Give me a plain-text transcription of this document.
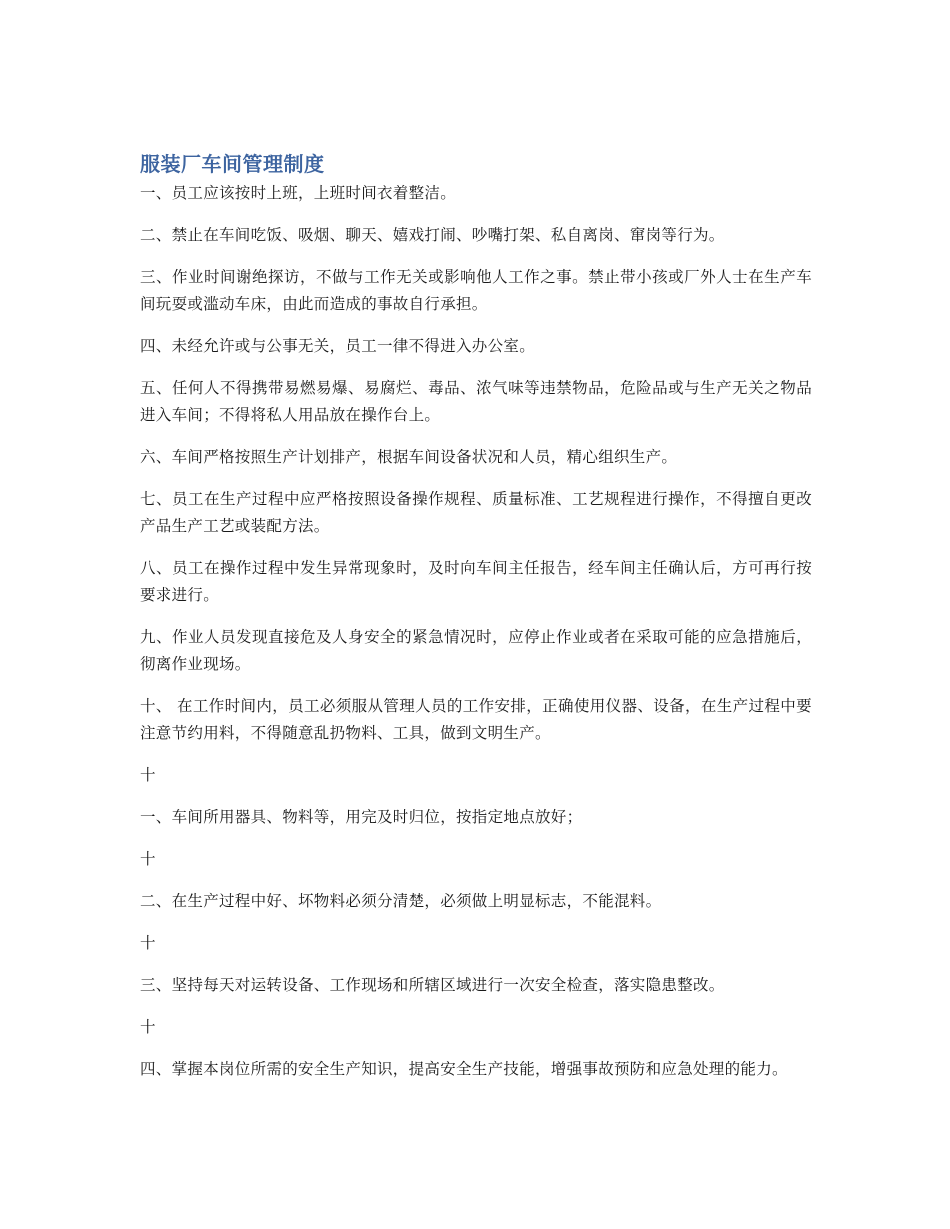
服装厂车间管理制度

一、员工应该按时上班，上班时间衣着整洁。

二、禁止在车间吃饭、吸烟、聊天、嬉戏打闹、吵嘴打架、私自离岗、窜岗等行为。

三、作业时间谢绝探访，不做与工作无关或影响他人工作之事。禁止带小孩或厂外人士在生产车间玩耍或滥动车床，由此而造成的事故自行承担。

四、未经允许或与公事无关，员工一律不得进入办公室。

五、任何人不得携带易燃易爆、易腐烂、毒品、浓气味等违禁物品，危险品或与生产无关之物品进入车间；不得将私人用品放在操作台上。

六、车间严格按照生产计划排产，根据车间设备状况和人员，精心组织生产。

七、员工在生产过程中应严格按照设备操作规程、质量标准、工艺规程进行操作，不得擅自更改产品生产工艺或装配方法。

八、员工在操作过程中发生异常现象时，及时向车间主任报告，经车间主任确认后，方可再行按要求进行。

九、作业人员发现直接危及人身安全的紧急情况时，应停止作业或者在采取可能的应急措施后，彻离作业现场。

十、 在工作时间内，员工必须服从管理人员的工作安排，正确使用仪器、设备，在生产过程中要注意节约用料，不得随意乱扔物料、工具，做到文明生产。

十

一、车间所用器具、物料等，用完及时归位，按指定地点放好；

十

二、在生产过程中好、坏物料必须分清楚，必须做上明显标志，不能混料。

十

三、坚持每天对运转设备、工作现场和所辖区域进行一次安全检查，落实隐患整改。

十

四、掌握本岗位所需的安全生产知识，提高安全生产技能，增强事故预防和应急处理的能力。
